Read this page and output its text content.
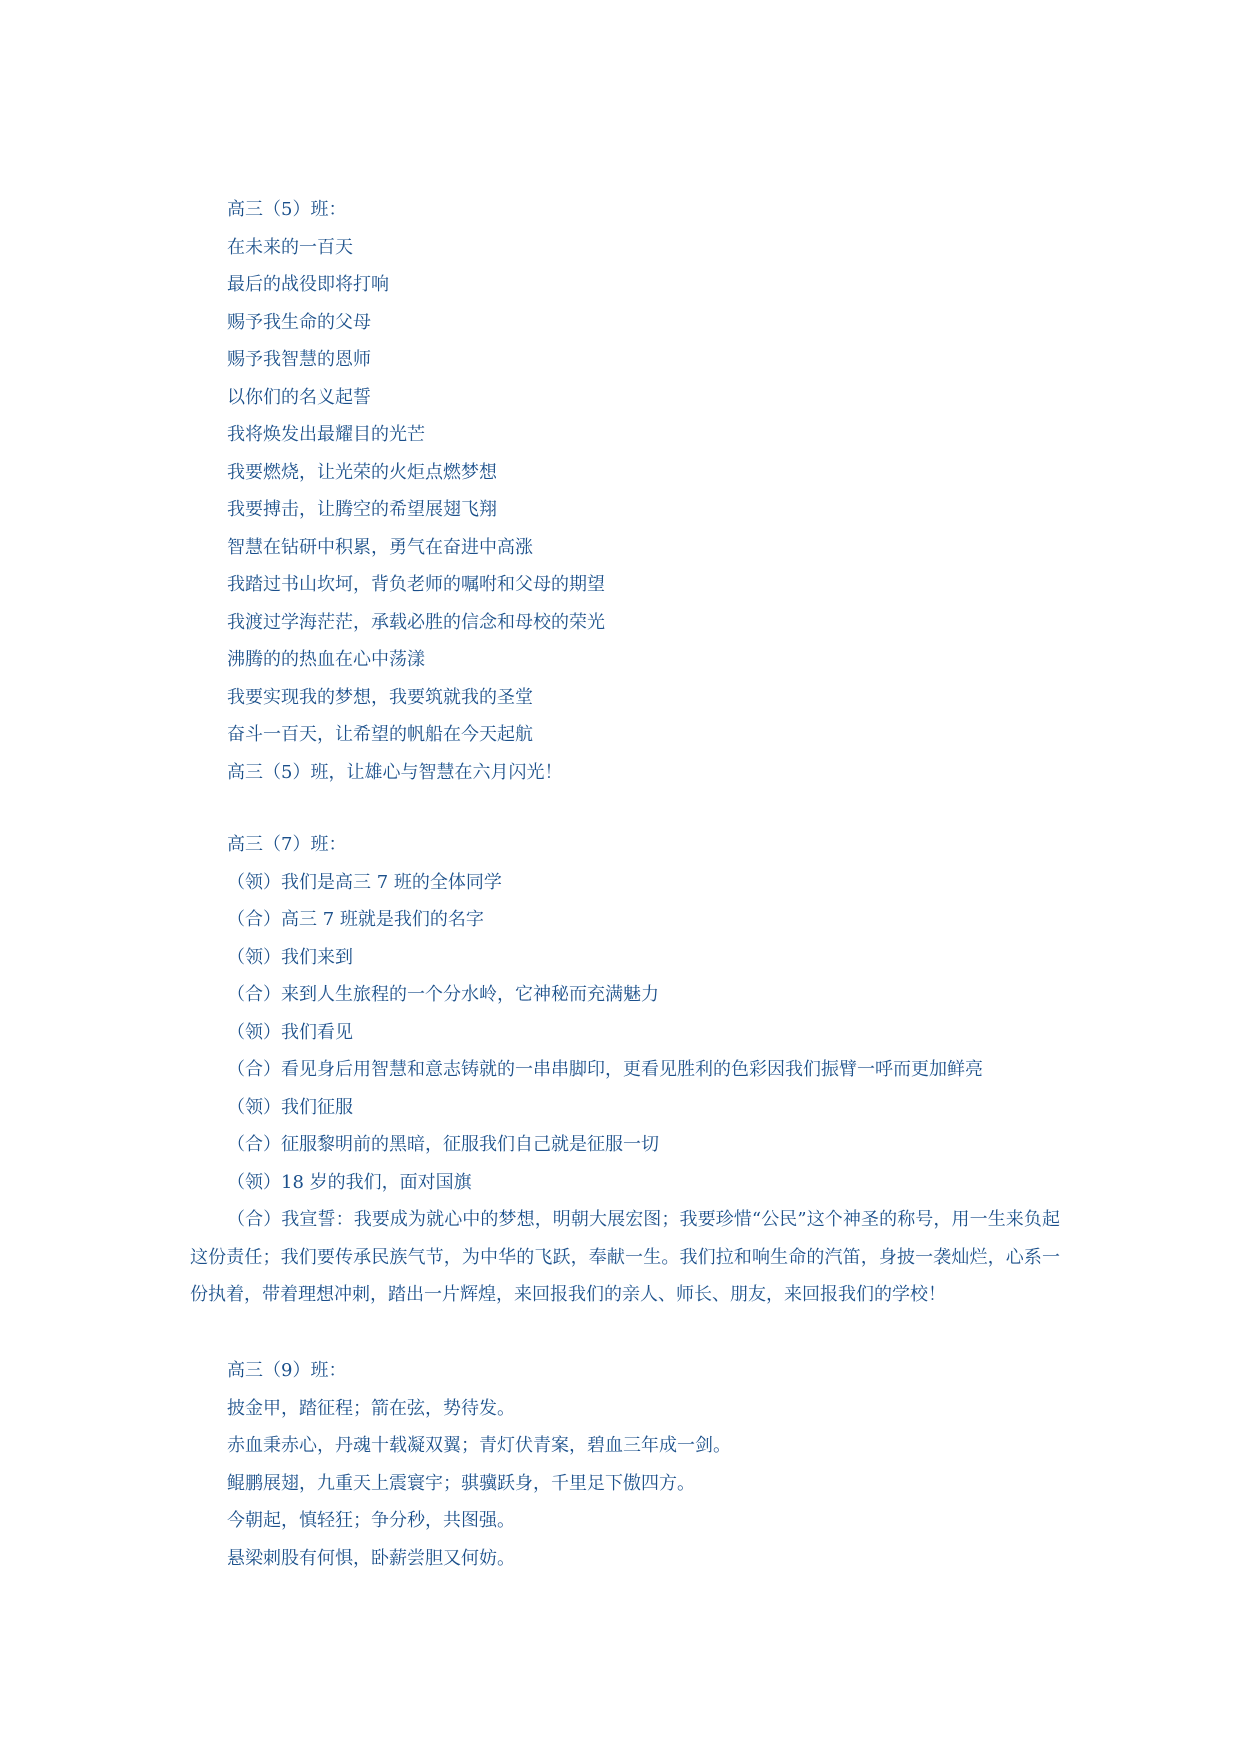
高三（5）班：
在未来的一百天
最后的战役即将打响
赐予我生命的父母
赐予我智慧的恩师
以你们的名义起誓
我将焕发出最耀目的光芒
我要燃烧，让光荣的火炬点燃梦想
我要搏击，让腾空的希望展翅飞翔
智慧在钻研中积累，勇气在奋进中高涨
我踏过书山坎坷，背负老师的嘱咐和父母的期望
我渡过学海茫茫，承载必胜的信念和母校的荣光
沸腾的的热血在心中荡漾
我要实现我的梦想，我要筑就我的圣堂
奋斗一百天，让希望的帆船在今天起航
高三（5）班，让雄心与智慧在六月闪光！
高三（7）班：
（领）我们是高三 7 班的全体同学
（合）高三 7 班就是我们的名字
（领）我们来到
（合）来到人生旅程的一个分水岭，它神秘而充满魅力
（领）我们看见
（合）看见身后用智慧和意志铸就的一串串脚印，更看见胜利的色彩因我们振臂一呼而更加鲜亮
（领）我们征服
（合）征服黎明前的黑暗，征服我们自己就是征服一切
（领）18 岁的我们，面对国旗

（合）我宣誓：我要成为就心中的梦想，明朝大展宏图；我要珍惜“公民”这个神圣的称号，用一生来负起这份责任；我们要传承民族气节，为中华的飞跃，奉献一生。我们拉和响生命的汽笛，身披一袭灿烂，心系一份执着，带着理想冲刺，踏出一片辉煌，来回报我们的亲人、师长、朋友，来回报我们的学校！

高三（9）班：
披金甲，踏征程；箭在弦，势待发。
赤血秉赤心，丹魂十载凝双翼；青灯伏青案，碧血三年成一剑。
鲲鹏展翅，九重天上震寰宇；骐骥跃身，千里足下傲四方。
今朝起，慎轻狂；争分秒，共图强。
悬梁刺股有何惧，卧薪尝胆又何妨。
